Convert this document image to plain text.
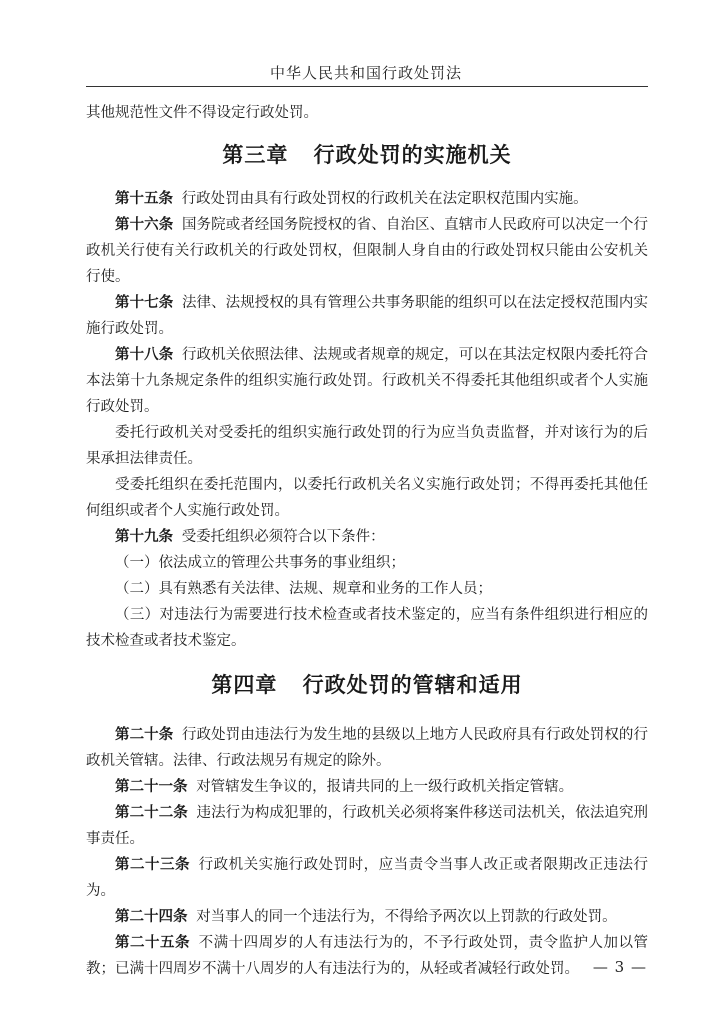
中华人民共和国行政处罚法

其他规范性文件不得设定行政处罚。

第三章 行政处罚的实施机关

第十五条 行政处罚由具有行政处罚权的行政机关在法定职权范围内实施。

第十六条 国务院或者经国务院授权的省、自治区、直辖市人民政府可以决定一个行政机关行使有关行政机关的行政处罚权，但限制人身自由的行政处罚权只能由公安机关行使。

第十七条 法律、法规授权的具有管理公共事务职能的组织可以在法定授权范围内实施行政处罚。

第十八条 行政机关依照法律、法规或者规章的规定，可以在其法定权限内委托符合本法第十九条规定条件的组织实施行政处罚。行政机关不得委托其他组织或者个人实施行政处罚。

委托行政机关对受委托的组织实施行政处罚的行为应当负责监督，并对该行为的后果承担法律责任。

受委托组织在委托范围内，以委托行政机关名义实施行政处罚；不得再委托其他任何组织或者个人实施行政处罚。

第十九条 受委托组织必须符合以下条件：

（一）依法成立的管理公共事务的事业组织；

（二）具有熟悉有关法律、法规、规章和业务的工作人员；

（三）对违法行为需要进行技术检查或者技术鉴定的，应当有条件组织进行相应的技术检查或者技术鉴定。

第四章 行政处罚的管辖和适用

第二十条 行政处罚由违法行为发生地的县级以上地方人民政府具有行政处罚权的行政机关管辖。法律、行政法规另有规定的除外。

第二十一条 对管辖发生争议的，报请共同的上一级行政机关指定管辖。

第二十二条 违法行为构成犯罪的，行政机关必须将案件移送司法机关，依法追究刑事责任。

第二十三条 行政机关实施行政处罚时，应当责令当事人改正或者限期改正违法行为。

第二十四条 对当事人的同一个违法行为，不得给予两次以上罚款的行政处罚。

第二十五条 不满十四周岁的人有违法行为的，不予行政处罚，责令监护人加以管教；已满十四周岁不满十八周岁的人有违法行为的，从轻或者减轻行政处罚。 — 3 —
